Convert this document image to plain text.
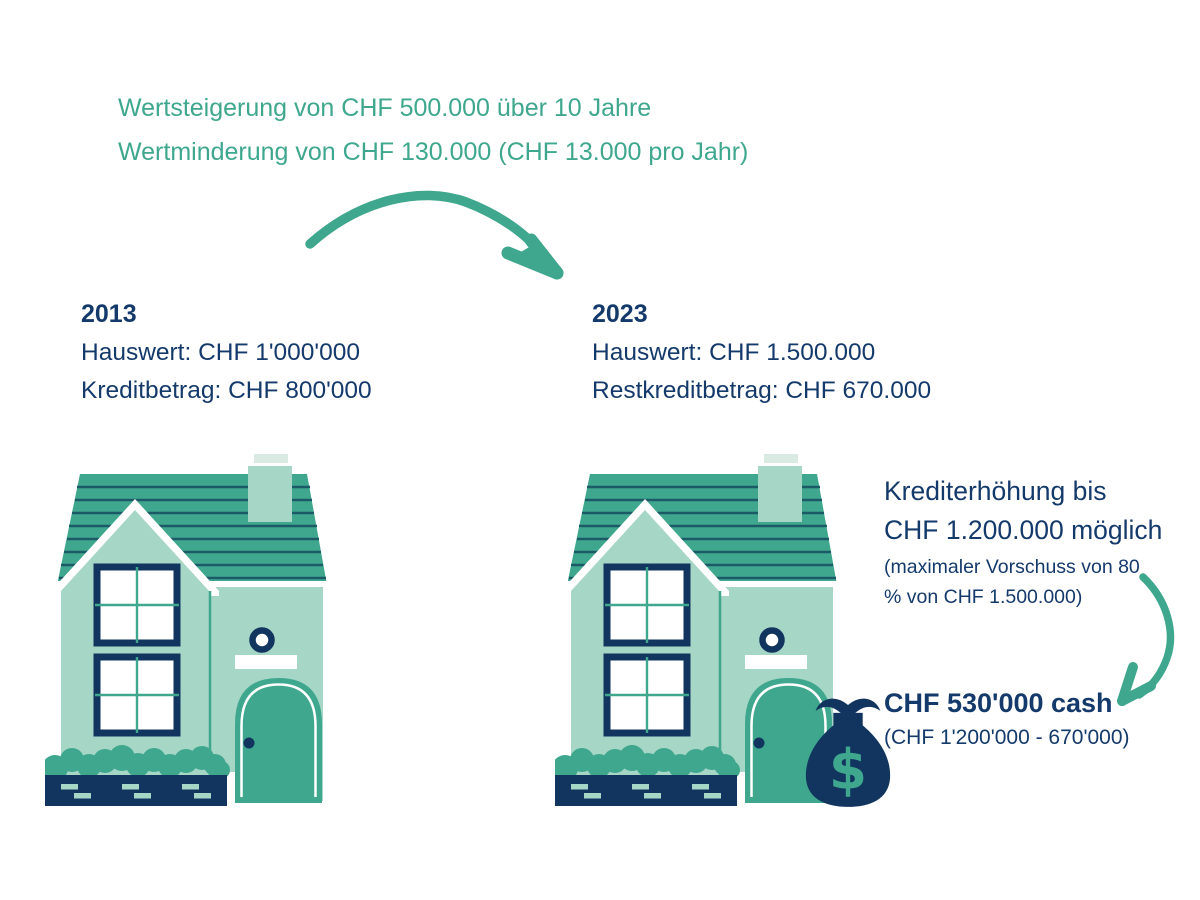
Wertsteigerung von CHF 500.000 über 10 Jahre
Wertminderung von CHF 130.000 (CHF 13.000 pro Jahr)
2013
Hauswert: CHF 1'000'000
Kreditbetrag: CHF 800'000
2023
Hauswert: CHF 1.500.000
Restkreditbetrag: CHF 670.000
Krediterhöhung bis
CHF 1.200.000 möglich
(maximaler Vorschuss von 80
% von CHF 1.500.000)
CHF 530'000 cash
(CHF 1'200'000 - 670'000)
$
